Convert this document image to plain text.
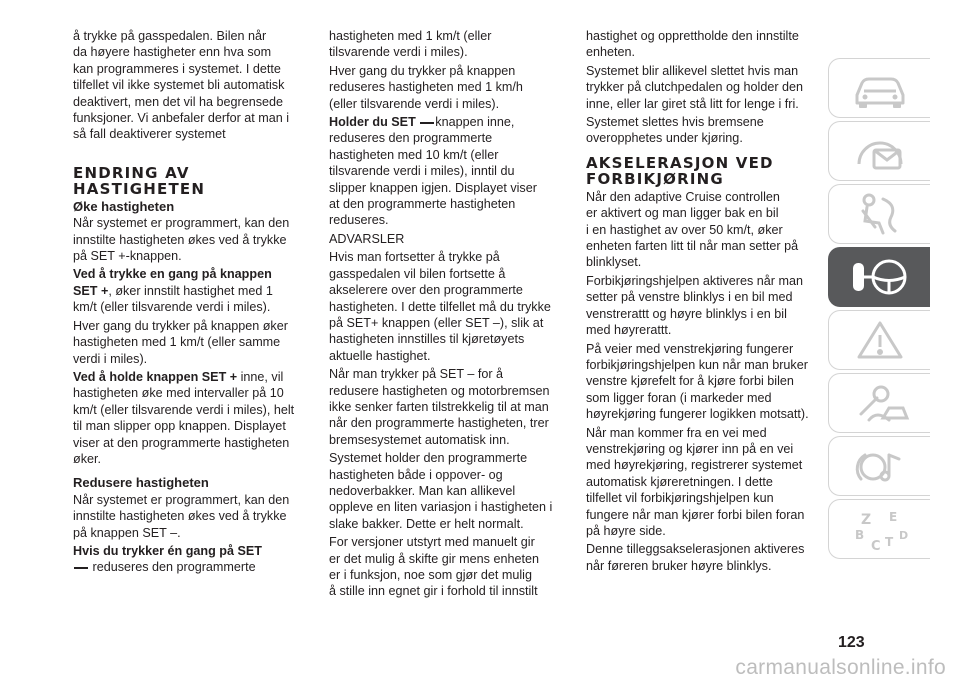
å trykke på gasspedalen. Bilen når
da høyere hastigheter enn hva som
kan programmeres i systemet. I dette
tilfellet vil ikke systemet bli automatisk
deaktivert, men det vil ha begrensede
funksjoner. Vi anbefaler derfor at man i
så fall deaktiverer systemet

ENDRING AV
HASTIGHETEN
Øke hastigheten

Når systemet er programmert, kan den
innstilte hastigheten økes ved å trykke
på SET +-knappen.

Ved å trykke en gang på knappen
SET +, øker innstilt hastighet med 1
km/t (eller tilsvarende verdi i miles).

Hver gang du trykker på knappen øker
hastigheten med 1 km/t (eller samme
verdi i miles).

Ved å holde knappen SET + inne, vil
hastigheten øke med intervaller på 10
km/t (eller tilsvarende verdi i miles), helt
til man slipper opp knappen. Displayet
viser at den programmerte hastigheten
øker.

Redusere hastigheten

Når systemet er programmert, kan den
innstilte hastigheten økes ved å trykke
på knappen SET –.

Hvis du trykker én gang på SET
reduseres den programmerte

hastigheten med 1 km/t (eller
tilsvarende verdi i miles).

Hver gang du trykker på knappen
reduseres hastigheten med 1 km/h
(eller tilsvarende verdi i miles).

Holder du SET knappen inne,
reduseres den programmerte
hastigheten med 10 km/t (eller
tilsvarende verdi i miles), inntil du
slipper knappen igjen. Displayet viser
at den programmerte hastigheten
reduseres.

ADVARSLER

Hvis man fortsetter å trykke på
gasspedalen vil bilen fortsette å
akselerere over den programmerte
hastigheten. I dette tilfellet må du trykke
på SET+ knappen (eller SET –), slik at
hastigheten innstilles til kjøretøyets
aktuelle hastighet.

Når man trykker på SET – for å
redusere hastigheten og motorbremsen
ikke senker farten tilstrekkelig til at man
når den programmerte hastigheten, trer
bremsesystemet automatisk inn.

Systemet holder den programmerte
hastigheten både i oppover- og
nedoverbakker. Man kan allikevel
oppleve en liten variasjon i hastigheten i
slake bakker. Dette er helt normalt.

For versjoner utstyrt med manuelt gir
er det mulig å skifte gir mens enheten
er i funksjon, noe som gjør det mulig
å stille inn egnet gir i forhold til innstilt

hastighet og opprettholde den innstilte
enheten.

Systemet blir allikevel slettet hvis man
trykker på clutchpedalen og holder den
inne, eller lar giret stå litt for lenge i fri.

Systemet slettes hvis bremsene
overopphetes under kjøring.

AKSELERASJON VED
FORBIKJØRING

Når den adaptive Cruise controllen
er aktivert og man ligger bak en bil
i en hastighet av over 50 km/t, øker
enheten farten litt til når man setter på
blinklyset.

Forbikjøringshjelpen aktiveres når man
setter på venstre blinklys i en bil med
venstrerattt og høyre blinklys i en bil
med høyrerattt.

På veier med venstrekjøring fungerer
forbikjøringshjelpen kun når man bruker
venstre kjørefelt for å kjøre forbi bilen
som ligger foran (i markeder med
høyrekjøring fungerer logikken motsatt).

Når man kommer fra en vei med
venstrekjøring og kjører inn på en vei
med høyrekjøring, registrerer systemet
automatisk kjøreretningen. I dette
tilfellet vil forbikjøringshjelpen kun
fungere når man kjører forbi bilen foran
på høyre side.

Denne tilleggsakselerasjonen aktiveres
når føreren bruker høyre blinklys.

Z E
B
C T D
123
carmanualsonline.info
